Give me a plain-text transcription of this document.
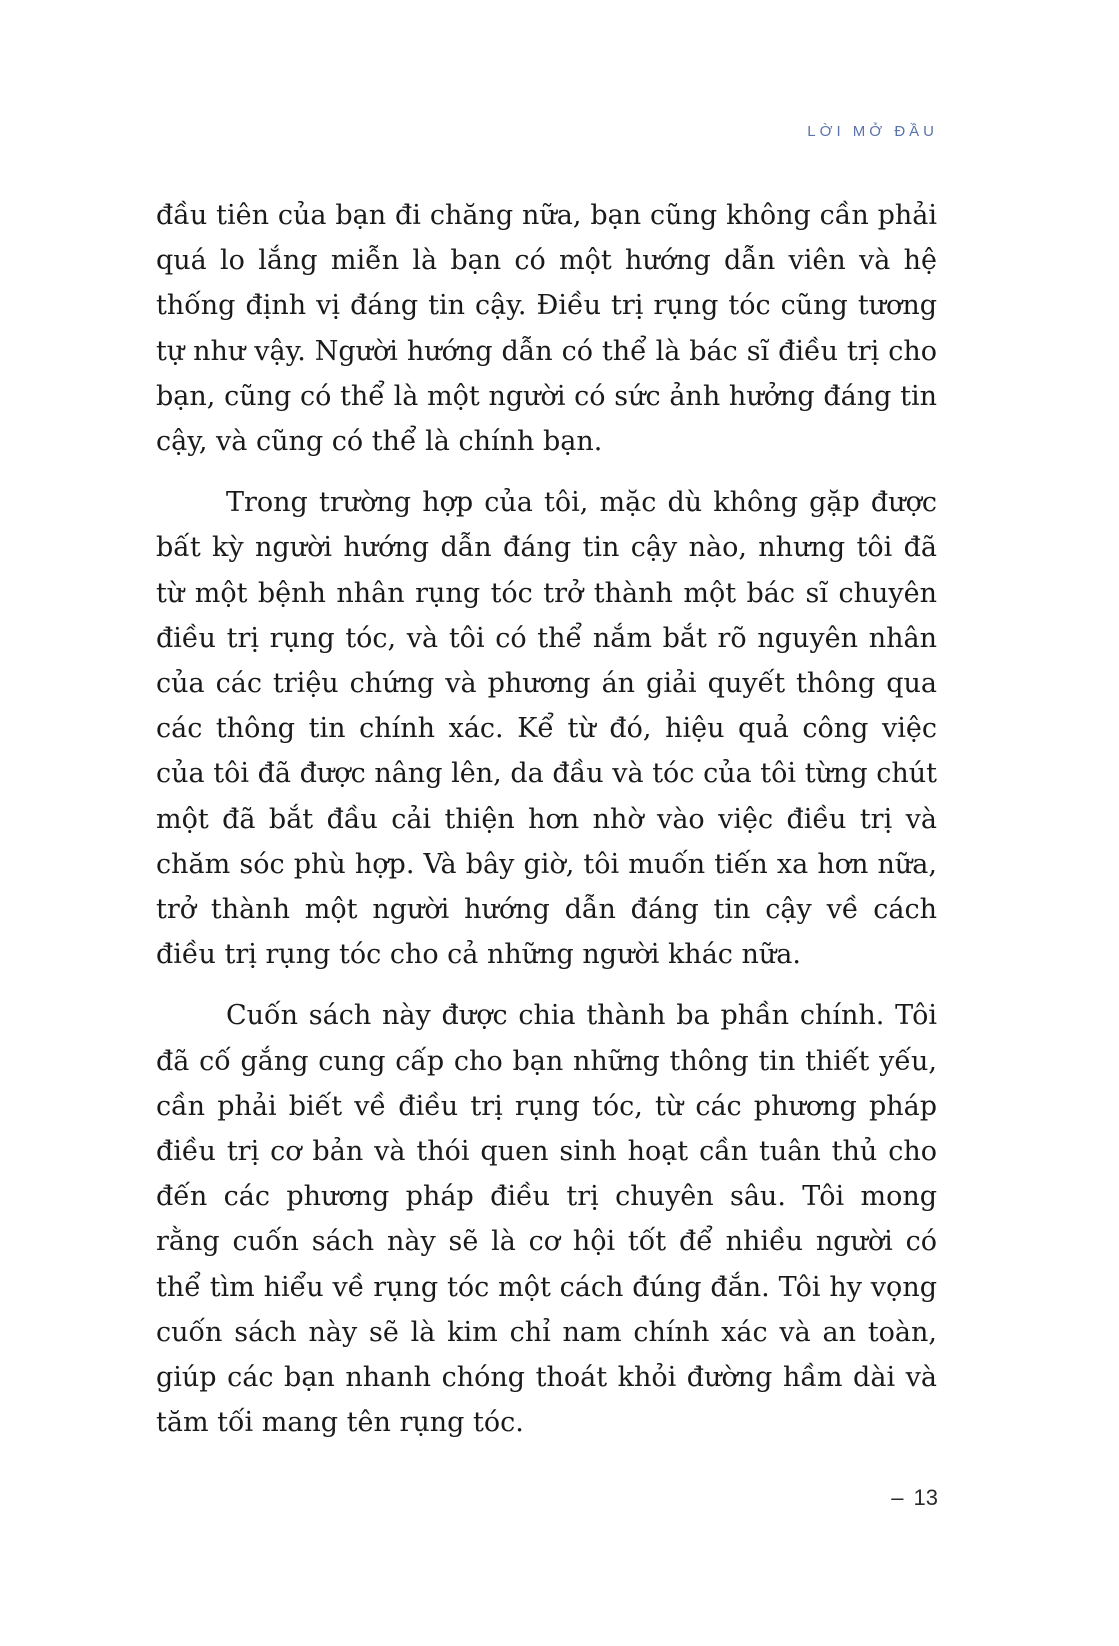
LỜI MỞ ĐẦU

đầu tiên của bạn đi chăng nữa, bạn cũng không cần phải quá lo lắng miễn là bạn có một hướng dẫn viên và hệ thống định vị đáng tin cậy. Điều trị rụng tóc cũng tương tự như vậy. Người hướng dẫn có thể là bác sĩ điều trị cho bạn, cũng có thể là một người có sức ảnh hưởng đáng tin cậy, và cũng có thể là chính bạn.

Trong trường hợp của tôi, mặc dù không gặp được bất kỳ người hướng dẫn đáng tin cậy nào, nhưng tôi đã từ một bệnh nhân rụng tóc trở thành một bác sĩ chuyên điều trị rụng tóc, và tôi có thể nắm bắt rõ nguyên nhân của các triệu chứng và phương án giải quyết thông qua các thông tin chính xác. Kể từ đó, hiệu quả công việc của tôi đã được nâng lên, da đầu và tóc của tôi từng chút một đã bắt đầu cải thiện hơn nhờ vào việc điều trị và chăm sóc phù hợp. Và bây giờ, tôi muốn tiến xa hơn nữa, trở thành một người hướng dẫn đáng tin cậy về cách điều trị rụng tóc cho cả những người khác nữa.

Cuốn sách này được chia thành ba phần chính. Tôi đã cố gắng cung cấp cho bạn những thông tin thiết yếu, cần phải biết về điều trị rụng tóc, từ các phương pháp điều trị cơ bản và thói quen sinh hoạt cần tuân thủ cho đến các phương pháp điều trị chuyên sâu. Tôi mong rằng cuốn sách này sẽ là cơ hội tốt để nhiều người có thể tìm hiểu về rụng tóc một cách đúng đắn. Tôi hy vọng cuốn sách này sẽ là kim chỉ nam chính xác và an toàn, giúp các bạn nhanh chóng thoát khỏi đường hầm dài và tăm tối mang tên rụng tóc.

– 13
